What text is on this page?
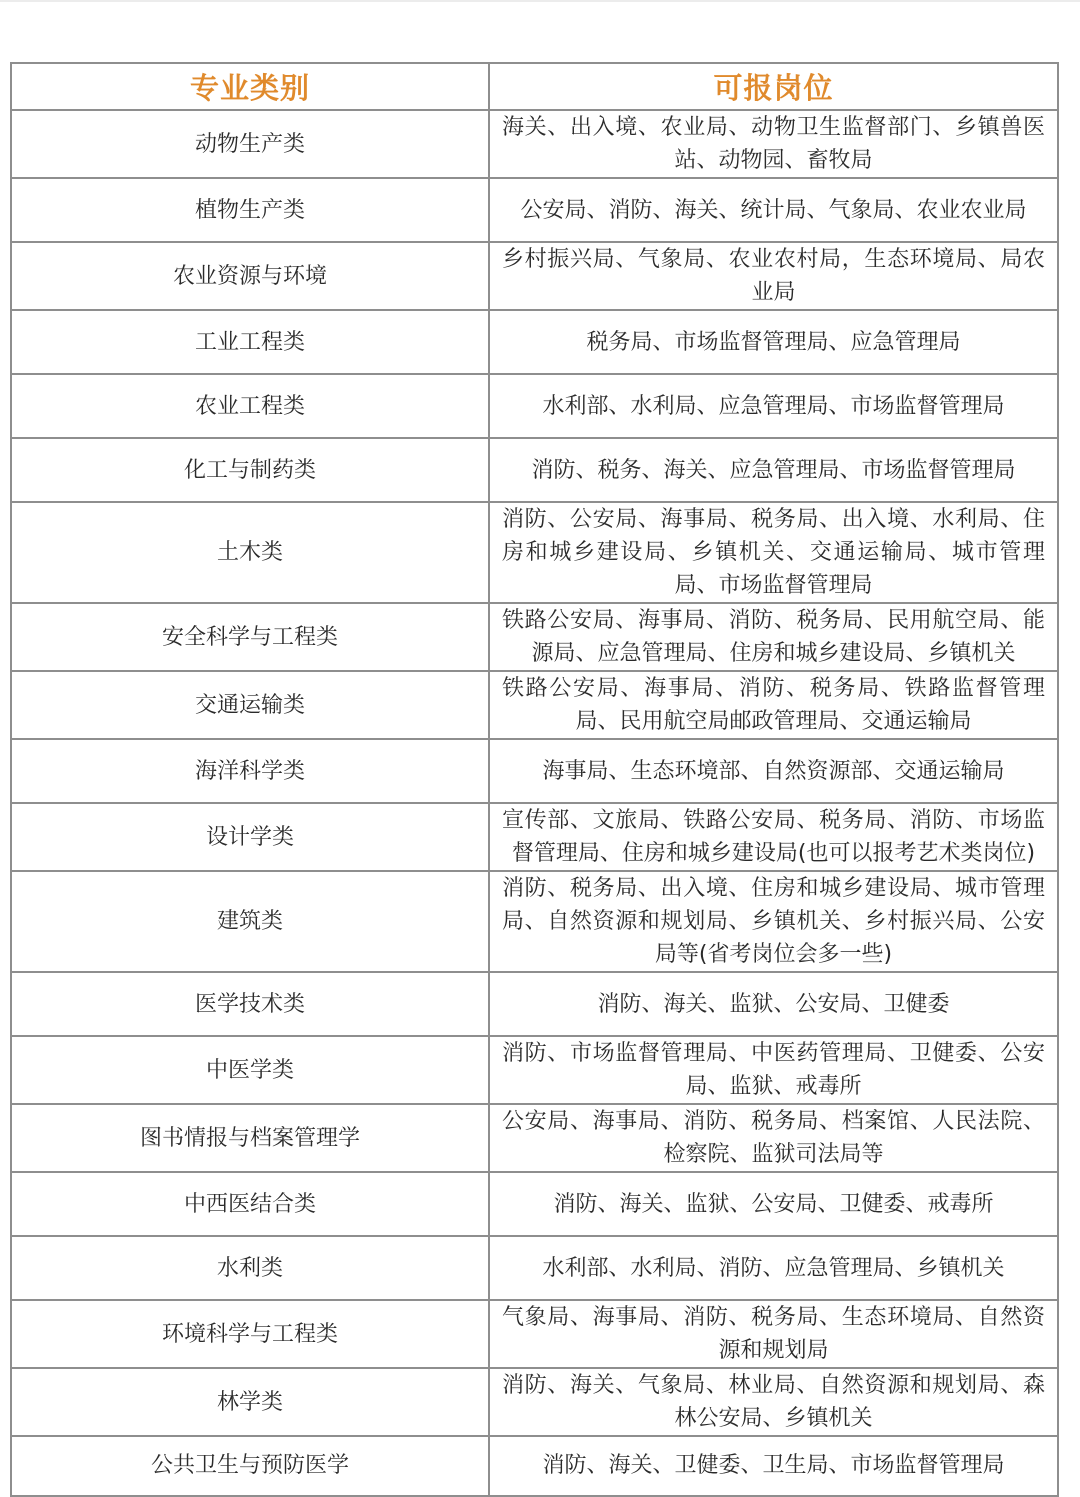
专业类别	可报岗位
动物生产类	海关、出入境、农业局、动物卫生监督部门、乡镇兽医站、动物园、畜牧局
植物生产类	公安局、消防、海关、统计局、气象局、农业农业局
农业资源与环境	乡村振兴局、气象局、农业农村局，生态环境局、局农业局
工业工程类	税务局、市场监督管理局、应急管理局
农业工程类	水利部、水利局、应急管理局、市场监督管理局
化工与制药类	消防、税务、海关、应急管理局、市场监督管理局
土木类	消防、公安局、海事局、税务局、出入境、水利局、住房和城乡建设局、乡镇机关、交通运输局、城市管理局、市场监督管理局
安全科学与工程类	铁路公安局、海事局、消防、税务局、民用航空局、能源局、应急管理局、住房和城乡建设局、乡镇机关
交通运输类	铁路公安局、海事局、消防、税务局、铁路监督管理局、民用航空局邮政管理局、交通运输局
海洋科学类	海事局、生态环境部、自然资源部、交通运输局
设计学类	宣传部、文旅局、铁路公安局、税务局、消防、市场监督管理局、住房和城乡建设局(也可以报考艺术类岗位)
建筑类	消防、税务局、出入境、住房和城乡建设局、城市管理局、自然资源和规划局、乡镇机关、乡村振兴局、公安局等(省考岗位会多一些)
医学技术类	消防、海关、监狱、公安局、卫健委
中医学类	消防、市场监督管理局、中医药管理局、卫健委、公安局、监狱、戒毒所
图书情报与档案管理学	公安局、海事局、消防、税务局、档案馆、人民法院、检察院、监狱司法局等
中西医结合类	消防、海关、监狱、公安局、卫健委、戒毒所
水利类	水利部、水利局、消防、应急管理局、乡镇机关
环境科学与工程类	气象局、海事局、消防、税务局、生态环境局、自然资源和规划局
林学类	消防、海关、气象局、林业局、自然资源和规划局、森林公安局、乡镇机关
公共卫生与预防医学	消防、海关、卫健委、卫生局、市场监督管理局
